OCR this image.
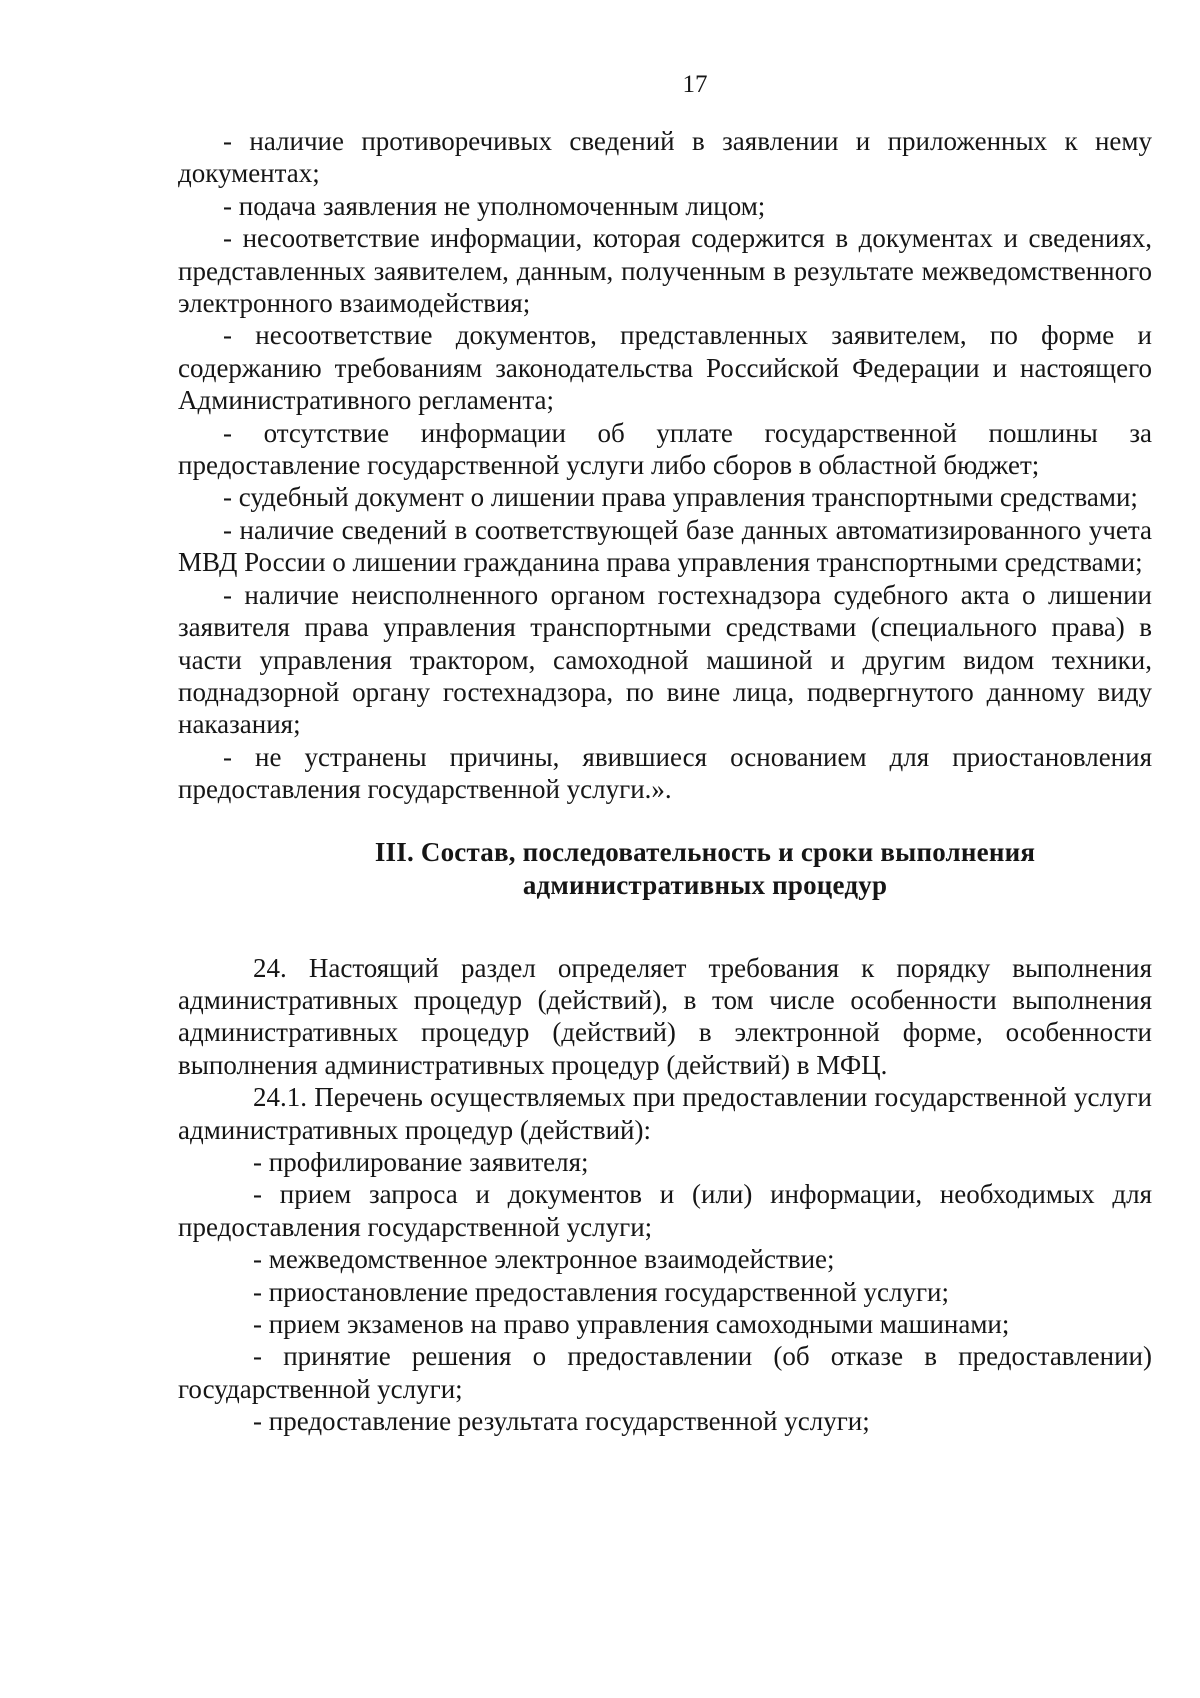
17

- наличие противоречивых сведений в заявлении и приложенных к нему документах;

- подача заявления не уполномоченным лицом;

- несоответствие информации, которая содержится в документах и сведениях, представленных заявителем, данным, полученным в результате межведомственного электронного взаимодействия;

- несоответствие документов, представленных заявителем, по форме и содержанию требованиям законодательства Российской Федерации и настоящего Административного регламента;

- отсутствие информации об уплате государственной пошлины за предоставление государственной услуги либо сборов в областной бюджет;

- судебный документ о лишении права управления транспортными средствами;

- наличие сведений в соответствующей базе данных автоматизированного учета МВД России о лишении гражданина права управления транспортными средствами;

- наличие неисполненного органом гостехнадзора судебного акта о лишении заявителя права управления транспортными средствами (специального права) в части управления трактором, самоходной машиной и другим видом техники, поднадзорной органу гостехнадзора, по вине лица, подвергнутого данному виду наказания;

- не устранены причины, явившиеся основанием для приостановления предоставления государственной услуги.».

III. Состав, последовательность и сроки выполнения
административных процедур

24. Настоящий раздел определяет требования к порядку выполнения административных процедур (действий), в том числе особенности выполнения административных процедур (действий) в электронной форме, особенности выполнения административных процедур (действий) в МФЦ.

24.1. Перечень осуществляемых при предоставлении государственной услуги административных процедур (действий):

- профилирование заявителя;

- прием запроса и документов и (или) информации, необходимых для предоставления государственной услуги;

- межведомственное электронное взаимодействие;

- приостановление предоставления государственной услуги;

- прием экзаменов на право управления самоходными машинами;

- принятие решения о предоставлении (об отказе в предоставлении) государственной услуги;

- предоставление результата государственной услуги;
